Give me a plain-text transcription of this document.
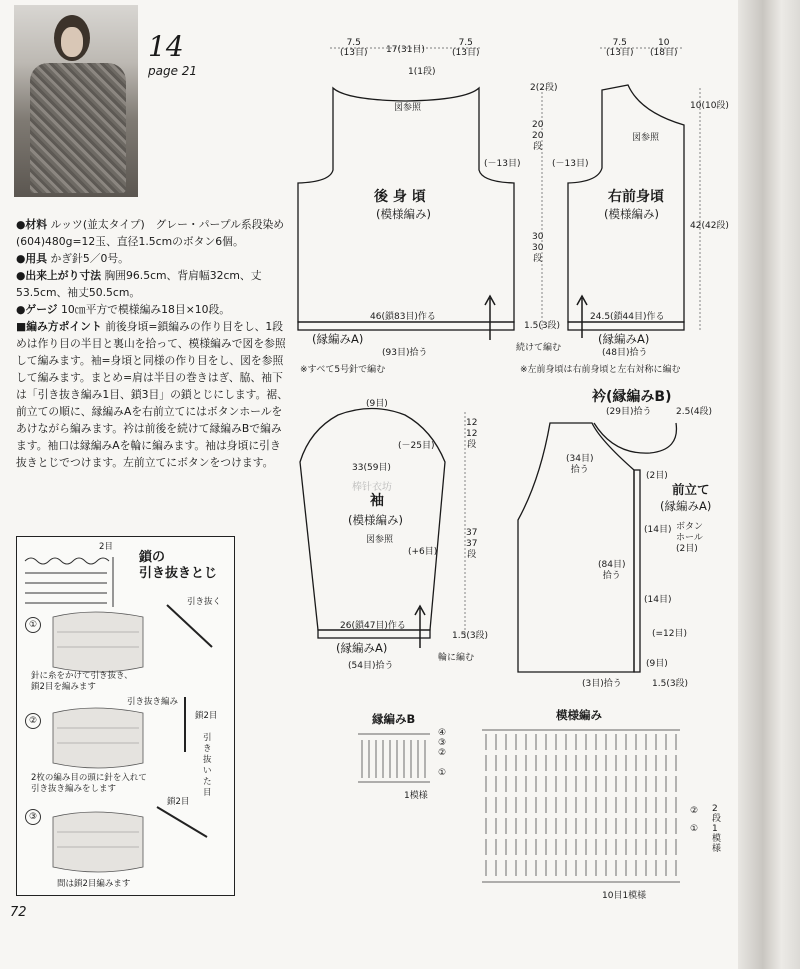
14
page 21

●材料 ルッツ(並太タイプ)　グレー・パープル系段染め(604)480g=12玉、直径1.5cmのボタン6個。

●用具 かぎ針5／0号。

●出来上がり寸法 胸囲96.5cm、背肩幅32cm、丈53.5cm、袖丈50.5cm。

●ゲージ 10㎝平方で模様編み18目×10段。

■編み方ポイント 前後身頃=鎖編みの作り目をし、1段めは作り目の半目と裏山を拾って、模様編みで図を参照して編みます。袖=身頃と同様の作り目をし、図を参照して編みます。まとめ=肩は半目の巻きはぎ、脇、袖下は「引き抜き編み1目、鎖3目」の鎖とじにします。裾、前立ての順に、縁編みAを右前立てにはボタンホールをあけながら編みます。衿は前後を続けて縁編みBで編みます。袖口は縁編みAを輪に編みます。袖は身頃に引き抜きとじでつけます。左前立てにボタンをつけます。

2目
鎖の
引き抜きとじ
①
②
③
引き抜く
針に糸をかけて引き抜き、
鎖2目を編みます
引き抜き編み
鎖2目
引き抜いた目
2枚の編み目の頭に針を入れて
引き抜き編みをします
鎖2目
間は鎖2目編みます
72
7.5
(13目) 17(31目)
7.5
(13目)
1(1段)
図参照
(－13目)
後 身 頃
(模様編み)
46(鎖83目)作る
(縁編みA)
(93目)拾う
※すべて5号針で編む
2(2段)
20
20
段
30
30
段
1.5(3段)
続けて編む
7.5
(13目)
10
(18目)
10(10段)
42(42段)
図参照
(－13目)
右前身頃
(模様編み)
24.5(鎖44目)作る
(縁編みA)
(48目)拾う
※左前身頃は右前身頃と左右対称に編む
(9目)
(－25目)
33(59目)
袖
(模様編み)
図参照
(+6目)
12
12
段
37
37
段
1.5(3段)
26(鎖47目)作る
(縁編みA)
(54目)拾う
輪に編む
衿(縁編みB)
(29目)拾う	2.5(4段)
(34目)
拾う
(2目)
前立て
(縁編みA)
(14目) ボタン
ホール
(2目)
(84目)
拾う
(14目)
(=12目)
(9目)
(3目)拾う	1.5(3段)
縁編みB
④
③
②
①
1模様
模様編み
②
①
2段1模様
10目1模様
棒针衣坊
